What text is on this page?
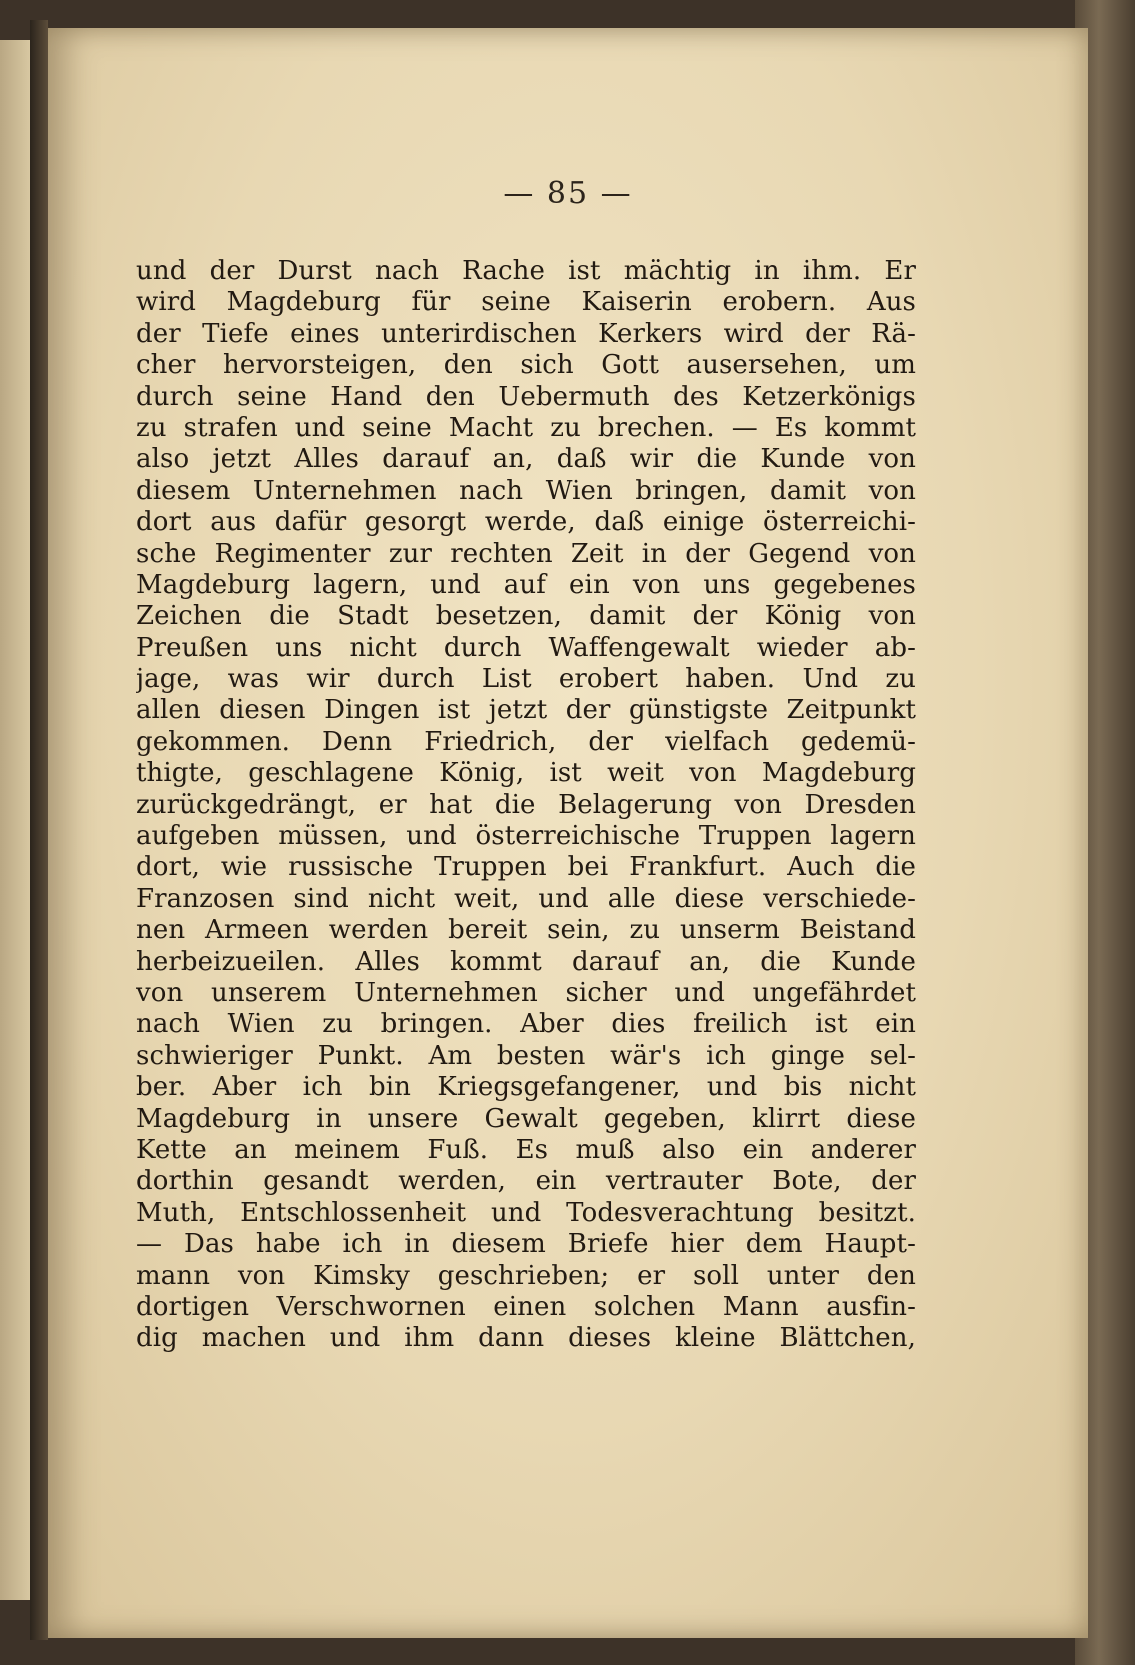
— 85 —
und der Durst nach Rache ist mächtig in ihm. Er
wird Magdeburg für seine Kaiserin erobern. Aus
der Tiefe eines unterirdischen Kerkers wird der Rä-
cher hervorsteigen, den sich Gott ausersehen, um
durch seine Hand den Uebermuth des Ketzerkönigs
zu strafen und seine Macht zu brechen. — Es kommt
also jetzt Alles darauf an, daß wir die Kunde von
diesem Unternehmen nach Wien bringen, damit von
dort aus dafür gesorgt werde, daß einige österreichi-
sche Regimenter zur rechten Zeit in der Gegend von
Magdeburg lagern, und auf ein von uns gegebenes
Zeichen die Stadt besetzen, damit der König von
Preußen uns nicht durch Waffengewalt wieder ab-
jage, was wir durch List erobert haben. Und zu
allen diesen Dingen ist jetzt der günstigste Zeitpunkt
gekommen. Denn Friedrich, der vielfach gedemü-
thigte, geschlagene König, ist weit von Magdeburg
zurückgedrängt, er hat die Belagerung von Dresden
aufgeben müssen, und österreichische Truppen lagern
dort, wie russische Truppen bei Frankfurt. Auch die
Franzosen sind nicht weit, und alle diese verschiede-
nen Armeen werden bereit sein, zu unserm Beistand
herbeizueilen. Alles kommt darauf an, die Kunde
von unserem Unternehmen sicher und ungefährdet
nach Wien zu bringen. Aber dies freilich ist ein
schwieriger Punkt. Am besten wär's ich ginge sel-
ber. Aber ich bin Kriegsgefangener, und bis nicht
Magdeburg in unsere Gewalt gegeben, klirrt diese
Kette an meinem Fuß. Es muß also ein anderer
dorthin gesandt werden, ein vertrauter Bote, der
Muth, Entschlossenheit und Todesverachtung besitzt.
— Das habe ich in diesem Briefe hier dem Haupt-
mann von Kimsky geschrieben; er soll unter den
dortigen Verschwornen einen solchen Mann ausfin-
dig machen und ihm dann dieses kleine Blättchen,
